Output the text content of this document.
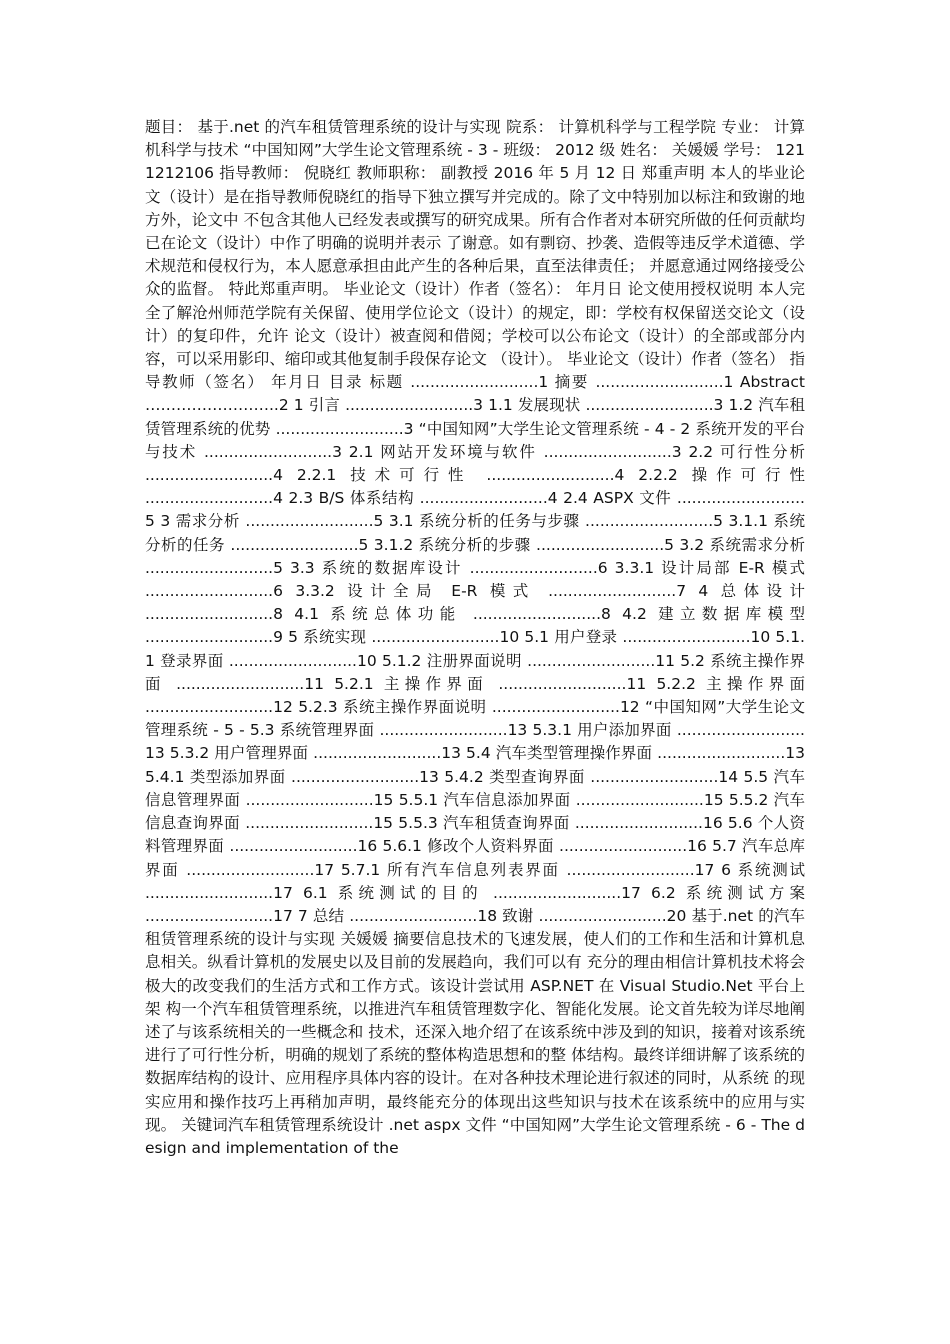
题目： 基于.net 的汽车租赁管理系统的设计与实现 院系： 计算机科学与工程学院 专业： 计算机科学与技术 “中国知网”大学生论文管理系统 - 3 - 班级： 2012 级 姓名： 关媛媛 学号： 1211212106 指导教师： 倪晓红 教师职称： 副教授 2016 年 5 月 12 日 郑重声明 本人的毕业论文（设计）是在指导教师倪晓红的指导下独立撰写并完成的。除了文中特别加以标注和致谢的地方外，论文中 不包含其他人已经发表或撰写的研究成果。所有合作者对本研究所做的任何贡献均已在论文（设计）中作了明确的说明并表示 了谢意。如有剽窃、抄袭、造假等违反学术道德、学术规范和侵权行为，本人愿意承担由此产生的各种后果，直至法律责任； 并愿意通过网络接受公众的监督。 特此郑重声明。 毕业论文（设计）作者（签名）： 年月日 论文使用授权说明 本人完全了解沧州师范学院有关保留、使用学位论文（设计）的规定，即：学校有权保留送交论文（设计）的复印件，允许 论文（设计）被查阅和借阅；学校可以公布论文（设计）的全部或部分内容，可以采用影印、缩印或其他复制手段保存论文 （设计）。 毕业论文（设计）作者（签名） 指导教师（签名） 年月日 目录 标题 ..........................1 摘要 ..........................1 Abstract ……………………..2 1 引言 ..........................3 1.1 发展现状 ..........................3 1.2 汽车租赁管理系统的优势 ..........................3 “中国知网”大学生论文管理系统 - 4 - 2 系统开发的平台与技术 ..........................3 2.1 网站开发环境与软件 ..........................3 2.2 可行性分析 ..........................4 2.2.1 技术可行性 ..........................4 2.2.2 操作可行性 ..........................4 2.3 B/S 体系结构 ..........................4 2.4 ASPX 文件 ..........................5 3 需求分析 ..........................5 3.1 系统分析的任务与步骤 ..........................5 3.1.1 系统分析的任务 ..........................5 3.1.2 系统分析的步骤 ..........................5 3.2 系统需求分析 ..........................5 3.3 系统的数据库设计 ..........................6 3.3.1 设计局部 E-R 模式 ..........................6 3.3.2 设计全局 E-R 模式 ..........................7 4 总体设计 ..........................8 4.1 系统总体功能 ..........................8 4.2 建立数据库模型 ..........................9 5 系统实现 ..........................10 5.1 用户登录 ..........................10 5.1.1 登录界面 ..........................10 5.1.2 注册界面说明 ..........................11 5.2 系统主操作界面 ..........................11 5.2.1 主操作界面 ..........................11 5.2.2 主操作界面 ..........................12 5.2.3 系统主操作界面说明 ..........................12 “中国知网”大学生论文管理系统 - 5 - 5.3 系统管理界面 ..........................13 5.3.1 用户添加界面 ..........................13 5.3.2 用户管理界面 ..........................13 5.4 汽车类型管理操作界面 ..........................13 5.4.1 类型添加界面 ..........................13 5.4.2 类型查询界面 ..........................14 5.5 汽车信息管理界面 ..........................15 5.5.1 汽车信息添加界面 ..........................15 5.5.2 汽车信息查询界面 ..........................15 5.5.3 汽车租赁查询界面 ..........................16 5.6 个人资料管理界面 ..........................16 5.6.1 修改个人资料界面 ..........................16 5.7 汽车总库界面 ..........................17 5.7.1 所有汽车信息列表界面 ..........................17 6 系统测试 ..........................17 6.1 系统测试的目的 ..........................17 6.2 系统测试方案 ..........................17 7 总结 ..........................18 致谢 ..........................20 基于.net 的汽车租赁管理系统的设计与实现 关媛媛 摘要信息技术的飞速发展，使人们的工作和生活和计算机息息相关。纵看计算机的发展史以及目前的发展趋向，我们可以有 充分的理由相信计算机技术将会极大的改变我们的生活方式和工作方式。该设计尝试用 ASP.NET 在 Visual Studio.Net 平台上架 构一个汽车租赁管理系统，以推进汽车租赁管理数字化、智能化发展。论文首先较为详尽地阐述了与该系统相关的一些概念和 技术，还深入地介绍了在该系统中涉及到的知识，接着对该系统进行了可行性分析，明确的规划了系统的整体构造思想和的整 体结构。最终详细讲解了该系统的数据库结构的设计、应用程序具体内容的设计。在对各种技术理论进行叙述的同时，从系统 的现实应用和操作技巧上再稍加声明，最终能充分的体现出这些知识与技术在该系统中的应用与实现。 关键词汽车租赁管理系统设计 .net aspx 文件 “中国知网”大学生论文管理系统 - 6 - The design and implementation of the
